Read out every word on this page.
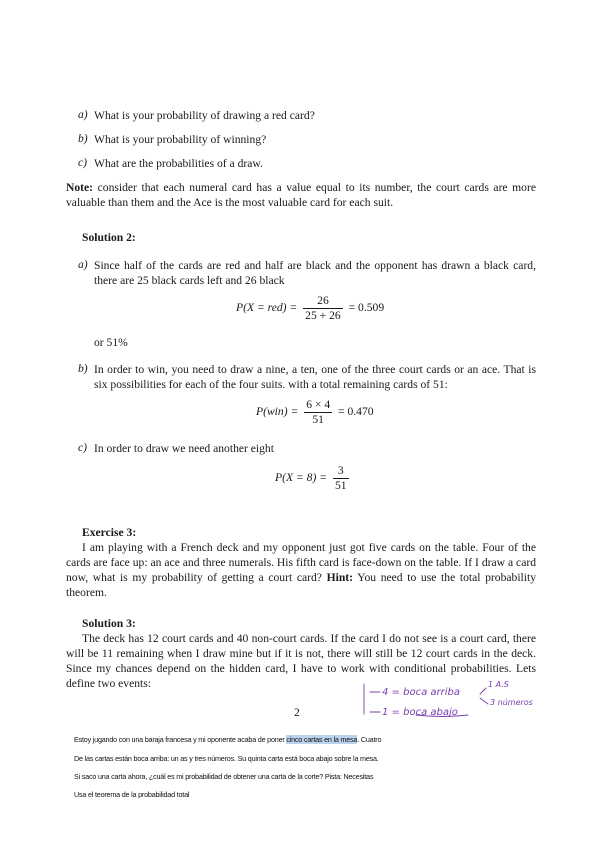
a) What is your probability of drawing a red card?
b) What is your probability of winning?
c) What are the probabilities of a draw.
Note: consider that each numeral card has a value equal to its number, the court cards are more valuable than them and the Ace is the most valuable card for each suit.
Solution 2:
a) Since half of the cards are red and half are black and the opponent has drawn a black card, there are 25 black cards left and 26 black
$P(X = red) = \frac{26}{25 + 26} = 0.509$
or 51%
b) In order to win, you need to draw a nine, a ten, one of the three court cards or an ace. That is six possibilities for each of the four suits. with a total remaining cards of 51:
$P(win) = \frac{6 \times 4}{51} = 0.470$
c) In order to draw we need another eight
$P(X = 8) = \frac{3}{51}$
Exercise 3:
I am playing with a French deck and my opponent just got five cards on the table. Four of the cards are face up: an ace and three numerals. His fifth card is face-down on the table. If I draw a card now, what is my probability of getting a court card? Hint: You need to use the total probability theorem.
Solution 3:
The deck has 12 court cards and 40 non-court cards. If the card I do not see is a court card, there will be 11 remaining when I draw mine but if it is not, there will still be 12 court cards in the deck. Since my chances depend on the hidden card, I have to work with conditional probabilities. Lets define two events:
2
4 = boca arriba
1 = boca abajo
1 A.S
3 números
Estoy jugando con una baraja francesa y mi oponente acaba de poner cinco cartas en la mesa. Cuatro
De las cartas están boca arriba: un as y tres números. Su quinta carta está boca abajo sobre la mesa.
Si saco una carta ahora, ¿cuál es mi probabilidad de obtener una carta de la corte? Pista: Necesitas
Usa el teorema de la probabilidad total
